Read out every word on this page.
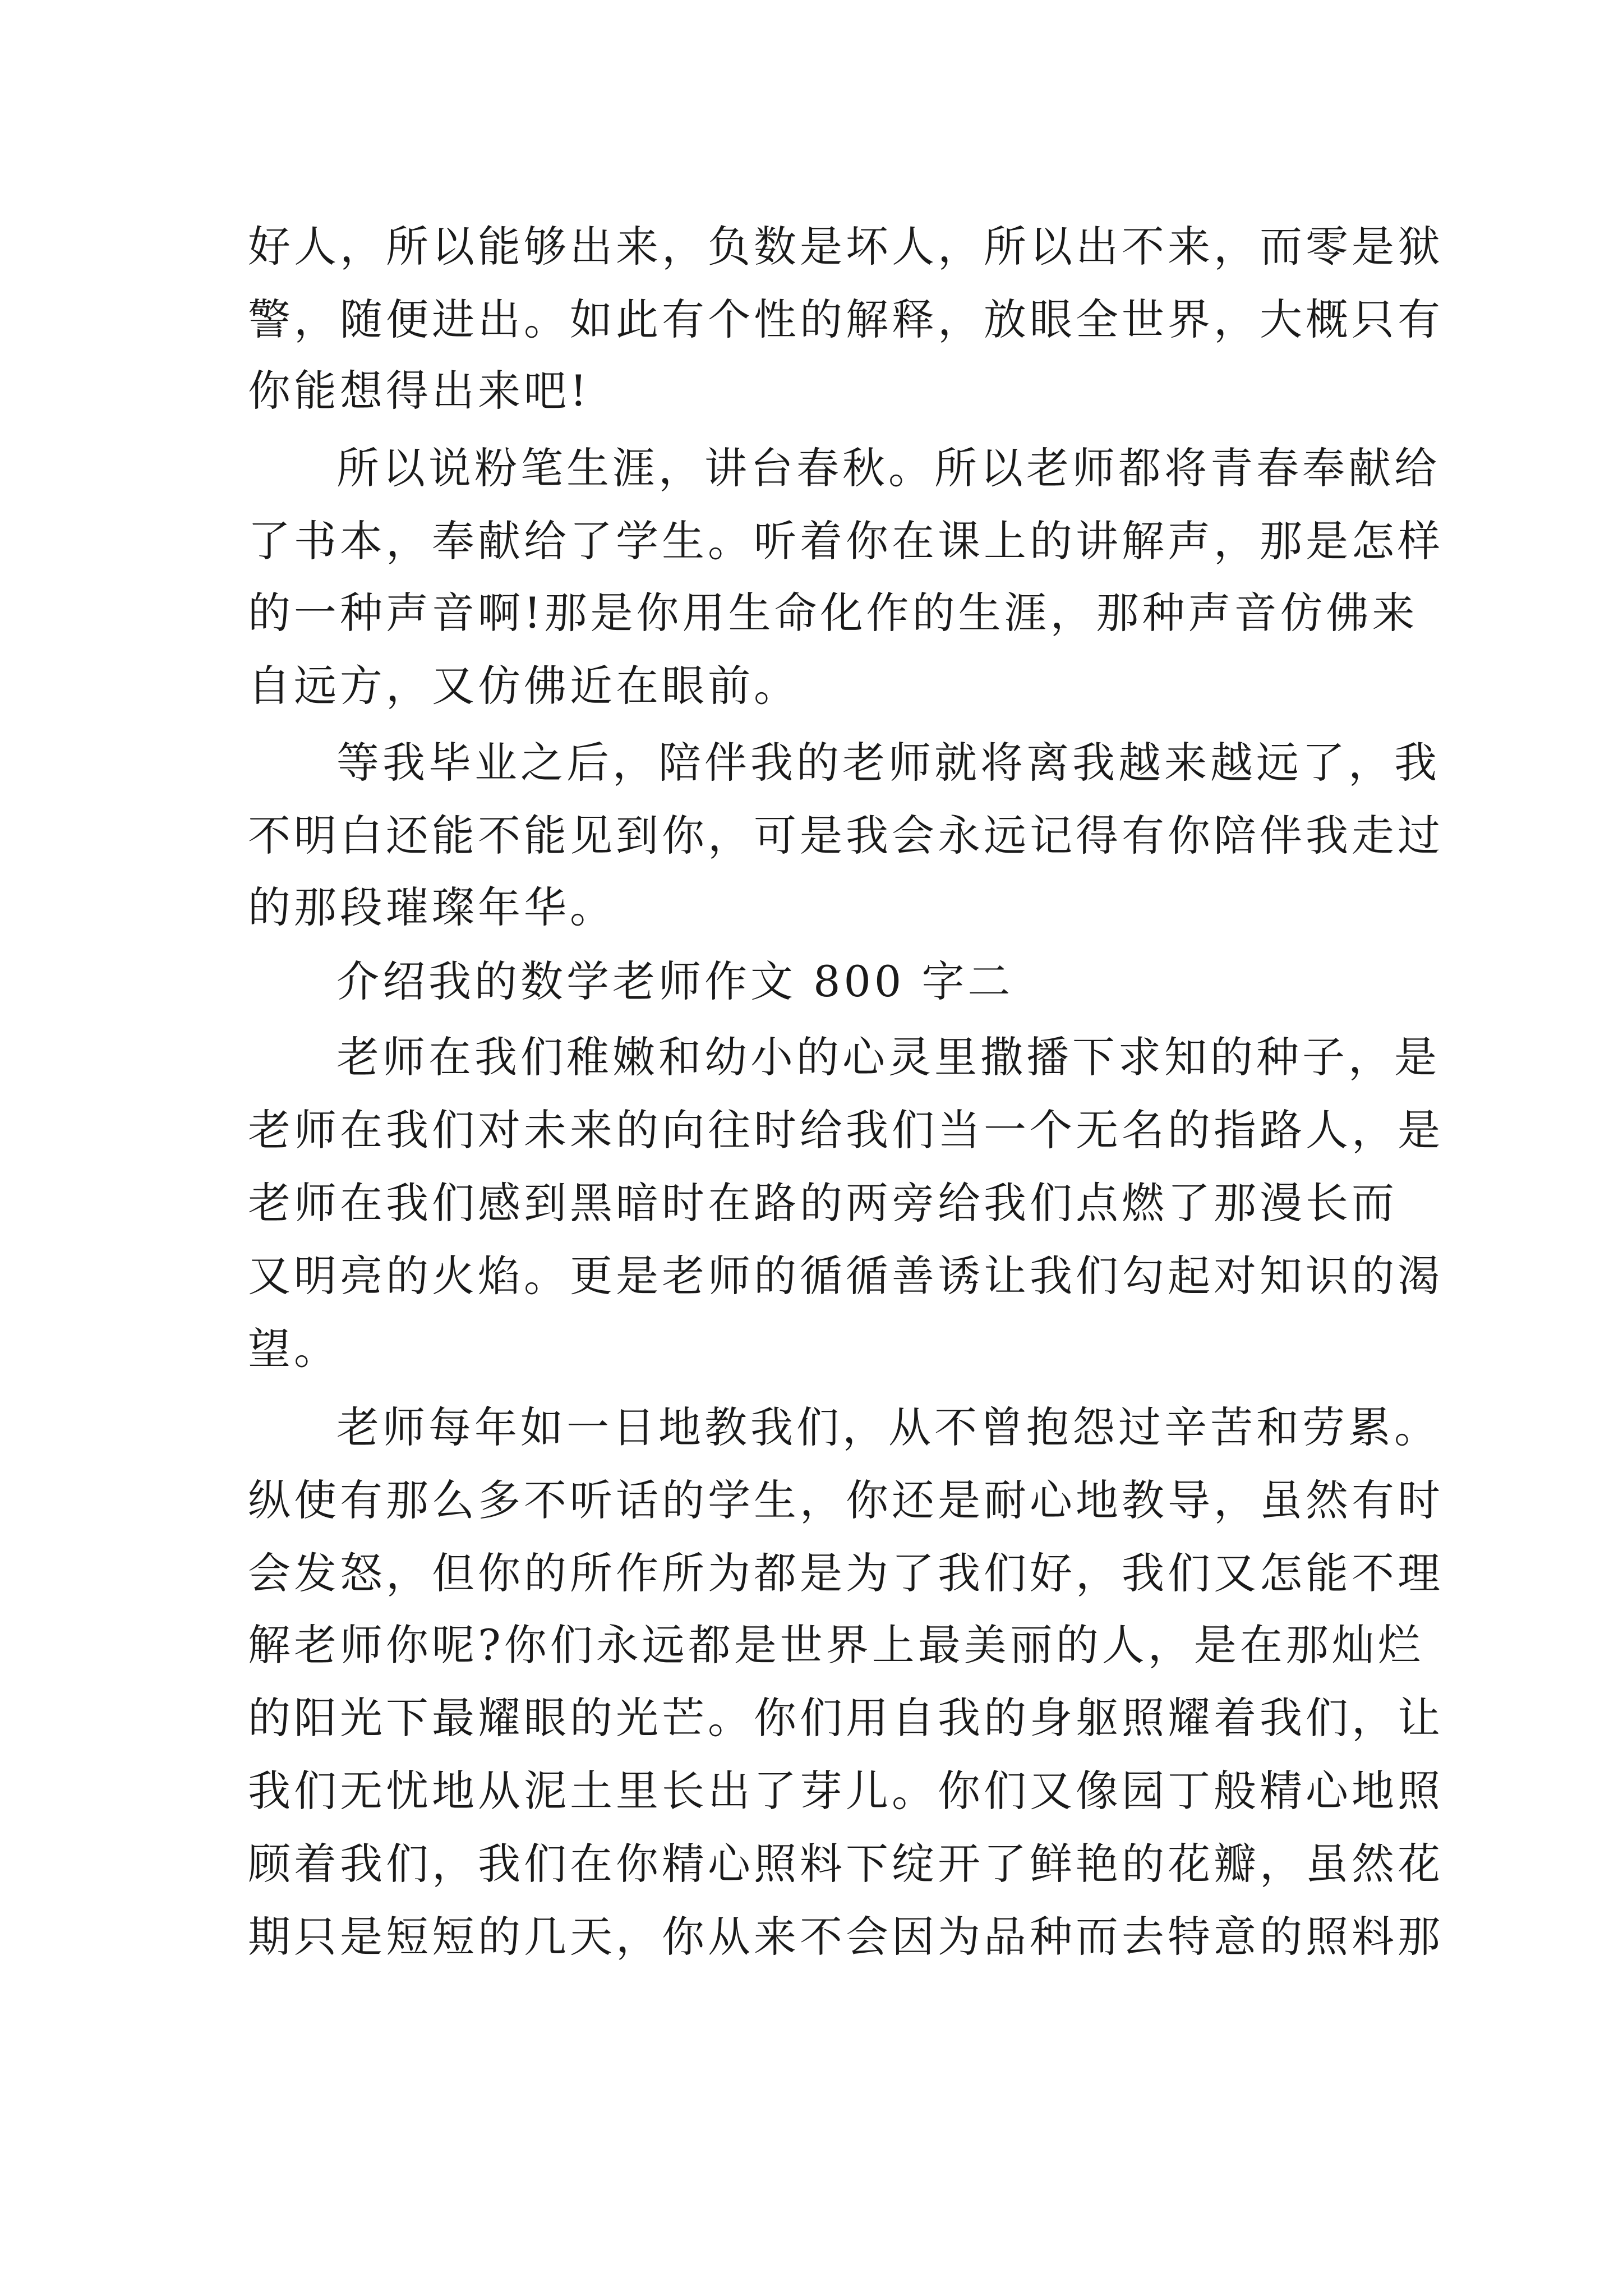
好人，所以能够出来，负数是坏人，所以出不来，而零是狱
警，随便进出。如此有个性的解释，放眼全世界，大概只有
你能想得出来吧!
所以说粉笔生涯，讲台春秋。所以老师都将青春奉献给
了书本，奉献给了学生。听着你在课上的讲解声，那是怎样
的一种声音啊!那是你用生命化作的生涯，那种声音仿佛来
自远方，又仿佛近在眼前。
等我毕业之后，陪伴我的老师就将离我越来越远了，我
不明白还能不能见到你，可是我会永远记得有你陪伴我走过
的那段璀璨年华。
介绍我的数学老师作文 800 字二
老师在我们稚嫩和幼小的心灵里撒播下求知的种子，是
老师在我们对未来的向往时给我们当一个无名的指路人，是
老师在我们感到黑暗时在路的两旁给我们点燃了那漫长而
又明亮的火焰。更是老师的循循善诱让我们勾起对知识的渴
望。
老师每年如一日地教我们，从不曾抱怨过辛苦和劳累。
纵使有那么多不听话的学生，你还是耐心地教导，虽然有时
会发怒，但你的所作所为都是为了我们好，我们又怎能不理
解老师你呢?你们永远都是世界上最美丽的人，是在那灿烂
的阳光下最耀眼的光芒。你们用自我的身躯照耀着我们，让
我们无忧地从泥土里长出了芽儿。你们又像园丁般精心地照
顾着我们，我们在你精心照料下绽开了鲜艳的花瓣，虽然花
期只是短短的几天，你从来不会因为品种而去特意的照料那
